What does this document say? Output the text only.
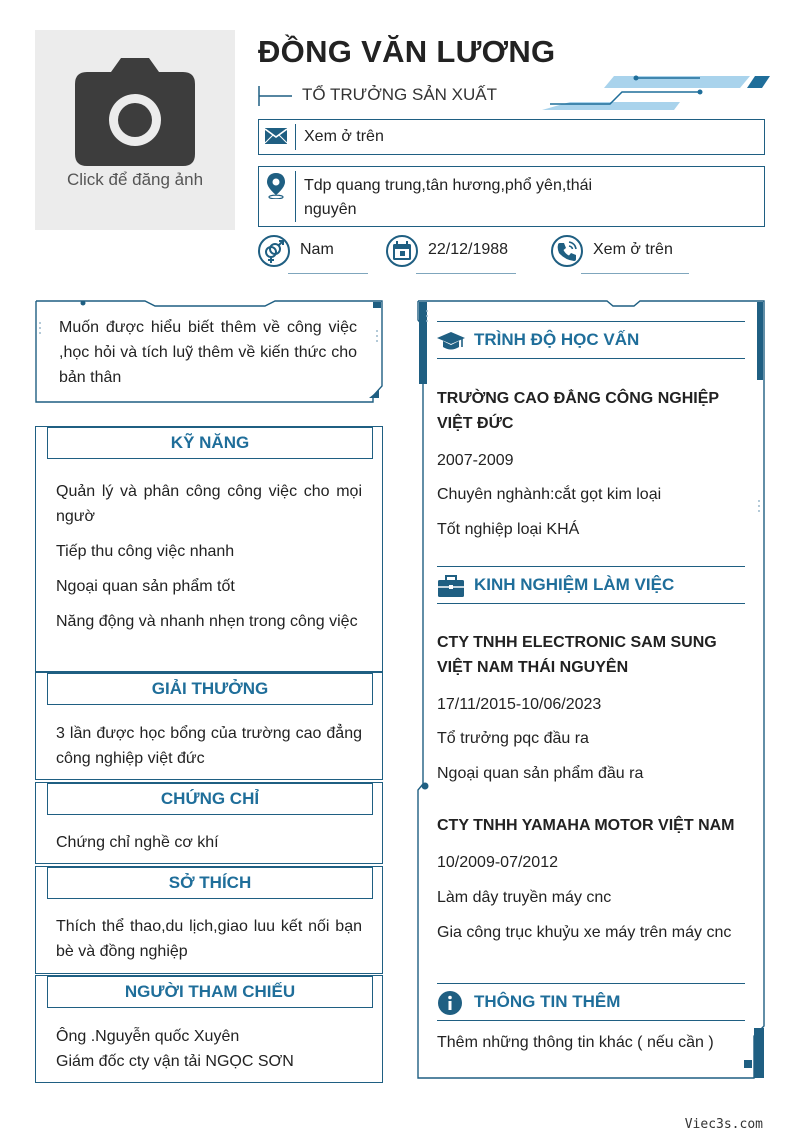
Click để đăng ảnh
ĐỒNG VĂN LƯƠNG
TỔ TRƯỞNG SẢN XUẤT
Xem ở trên
Tdp quang trung,tân hương,phổ yên,thái nguyên
Nam	22/12/1988	Xem ở trên
Muốn được hiểu biết thêm về công việc ,học hỏi và tích luỹ thêm về kiến thức cho bản thân
KỸ NĂNG
Quản lý và phân công công việc cho mọi ngườ
Tiếp thu công việc nhanh
Ngoại quan sản phẩm tốt
Năng động và nhanh nhẹn trong công việc
GIẢI THƯỞNG
3 lần được học bổng của trường cao đẳng công nghiệp việt đức
CHỨNG CHỈ
Chứng chỉ nghề cơ khí
SỞ THÍCH
Thích thể thao,du lịch,giao luu kết nối bạn bè và đồng nghiệp
NGƯỜI THAM CHIẾU
Ông .Nguyễn quốc Xuyên
Giám đốc cty vận tải NGỌC SƠN
TRÌNH ĐỘ HỌC VẤN
TRƯỜNG CAO ĐẲNG CÔNG NGHIỆP VIỆT ĐỨC
2007-2009
Chuyên nghành:cắt gọt kim loại
Tốt nghiệp loại KHÁ
KINH NGHIỆM LÀM VIỆC
CTY TNHH ELECTRONIC SAM SUNG VIỆT NAM THÁI NGUYÊN
17/11/2015-10/06/2023
Tổ trưởng pqc đầu ra
Ngoại quan sản phẩm đầu ra
CTY TNHH YAMAHA MOTOR VIỆT NAM
10/2009-07/2012
Làm dây truyền máy cnc
Gia công trục khuỷu xe máy trên máy cnc
THÔNG TIN THÊM
Thêm những thông tin khác ( nếu cần )
Viec3s.com
